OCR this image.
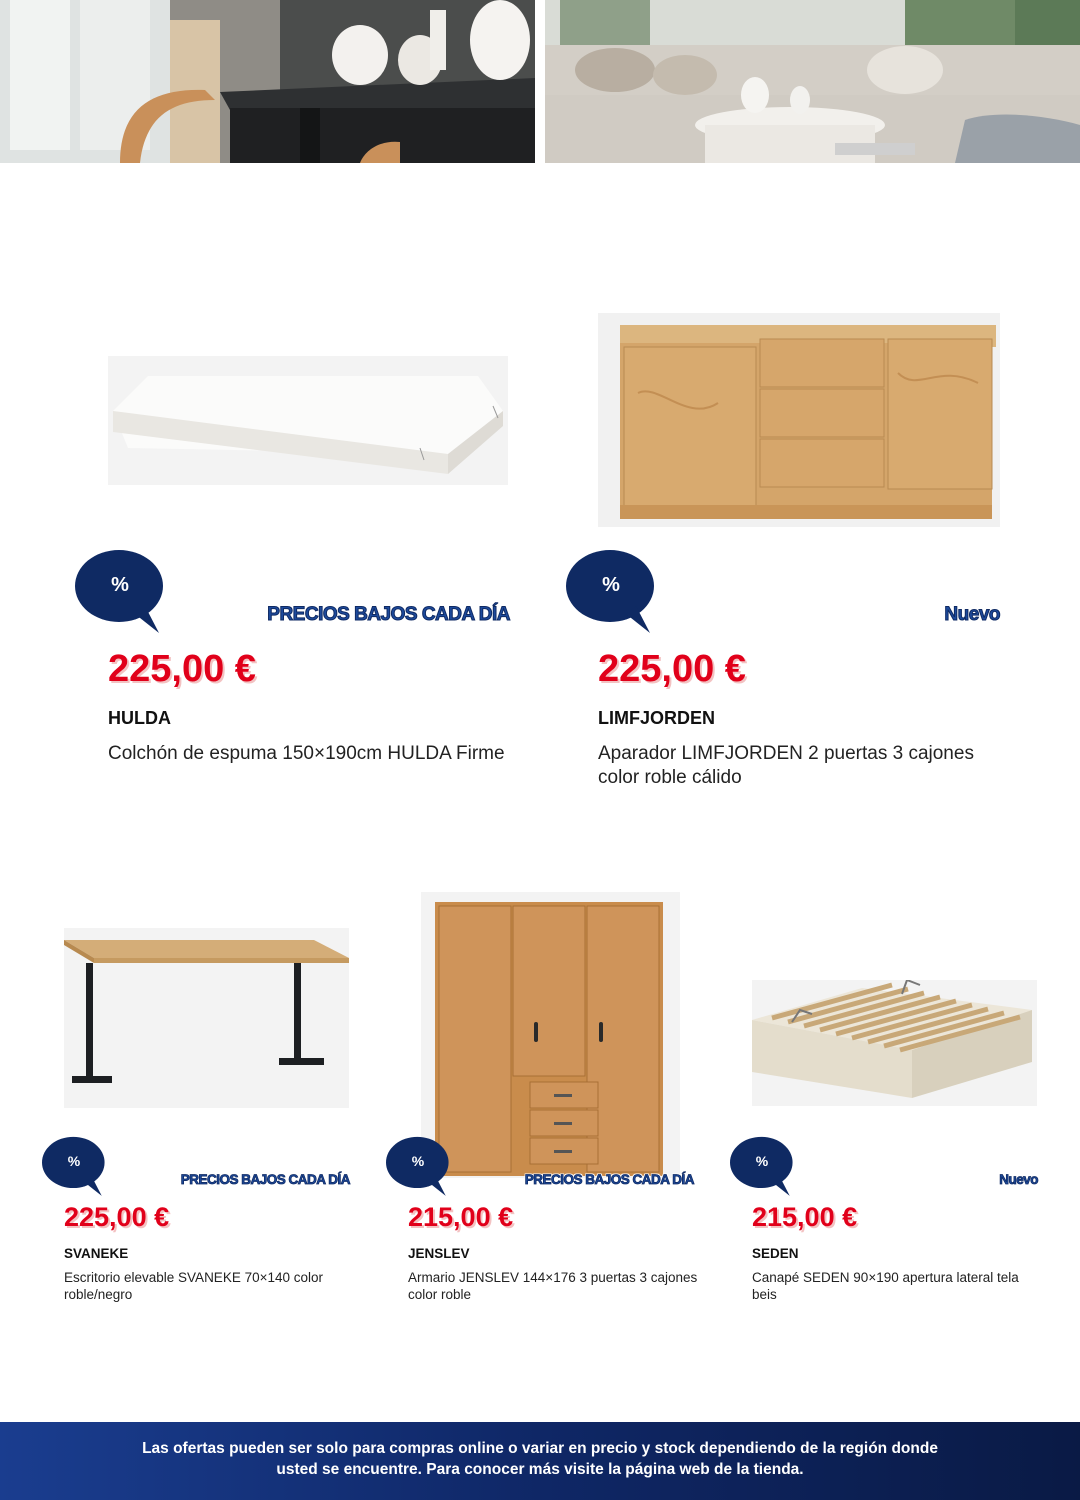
%
PRECIOS BAJOS CADA DÍA
225,00 €
HULDA
Colchón de espuma 150×190cm HULDA Firme
%
Nuevo
225,00 €
LIMFJORDEN
Aparador LIMFJORDEN 2 puertas 3 cajones color roble cálido
%
PRECIOS BAJOS CADA DÍA
225,00 €
SVANEKE
Escritorio elevable SVANEKE 70×140 color roble/negro
%
PRECIOS BAJOS CADA DÍA
215,00 €
JENSLEV
Armario JENSLEV 144×176 3 puertas 3 cajones color roble
%
Nuevo
215,00 €
SEDEN
Canapé SEDEN 90×190 apertura lateral tela beis
Las ofertas pueden ser solo para compras online o variar en precio y stock dependiendo de la región donde
usted se encuentre. Para conocer más visite la página web de la tienda.
